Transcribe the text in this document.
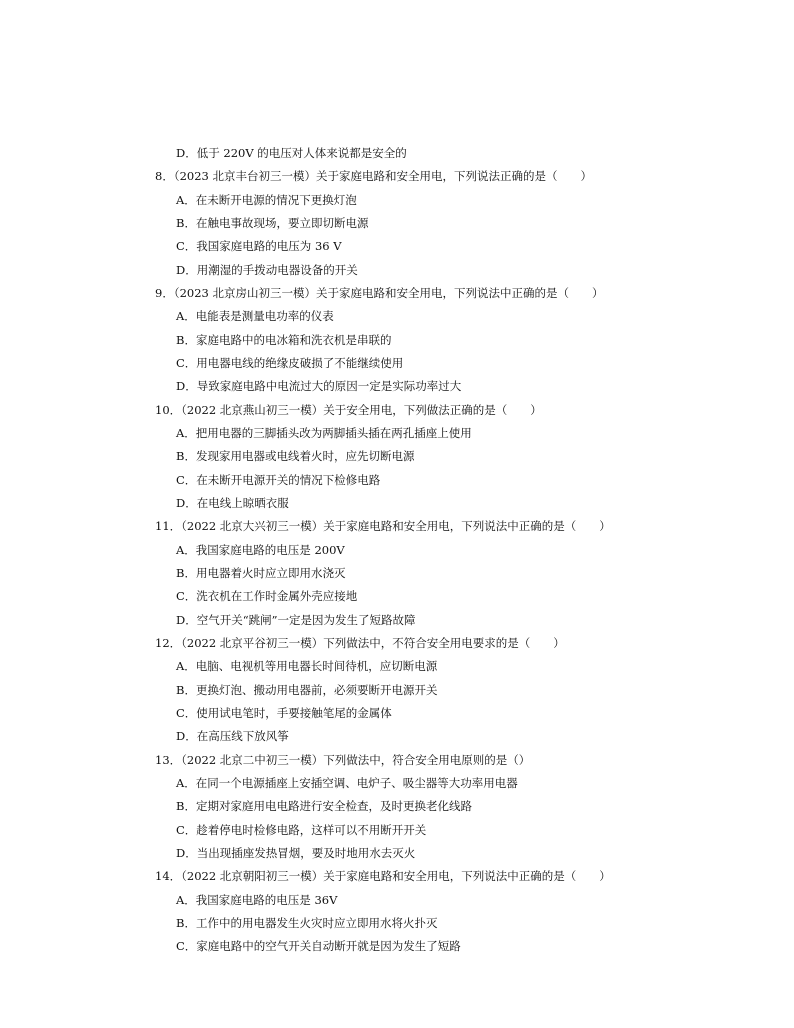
D．低于 220V 的电压对人体来说都是安全的
8．（2023 北京丰台初三一模）关于家庭电路和安全用电，下列说法正确的是（　　）
A．在未断开电源的情况下更换灯泡
B．在触电事故现场，要立即切断电源
C．我国家庭电路的电压为 36 V
D．用潮湿的手拨动电器设备的开关
9．（2023 北京房山初三一模）关于家庭电路和安全用电，下列说法中正确的是（　　）
A．电能表是测量电功率的仪表
B．家庭电路中的电冰箱和洗衣机是串联的
C．用电器电线的绝缘皮破损了不能继续使用
D．导致家庭电路中电流过大的原因一定是实际功率过大
10．（2022 北京燕山初三一模）关于安全用电，下列做法正确的是（　　）
A．把用电器的三脚插头改为两脚插头插在两孔插座上使用
B．发现家用电器或电线着火时，应先切断电源
C．在未断开电源开关的情况下检修电路
D．在电线上晾晒衣服
11．（2022 北京大兴初三一模）关于家庭电路和安全用电，下列说法中正确的是（　　）
A．我国家庭电路的电压是 200V
B．用电器着火时应立即用水浇灭
C．洗衣机在工作时金属外壳应接地
D．空气开关“跳闸”一定是因为发生了短路故障
12．（2022 北京平谷初三一模）下列做法中，不符合安全用电要求的是（　　）
A．电脑、电视机等用电器长时间待机，应切断电源
B．更换灯泡、搬动用电器前，必须要断开电源开关
C．使用试电笔时，手要接触笔尾的金属体
D．在高压线下放风筝
13．（2022 北京二中初三一模）下列做法中，符合安全用电原则的是（）
A．在同一个电源插座上安插空调、电炉子、吸尘器等大功率用电器
B．定期对家庭用电电路进行安全检查，及时更换老化线路
C．趁着停电时检修电路，这样可以不用断开开关
D．当出现插座发热冒烟，要及时地用水去灭火
14．（2022 北京朝阳初三一模）关于家庭电路和安全用电，下列说法中正确的是（　　）
A．我国家庭电路的电压是 36V
B．工作中的用电器发生火灾时应立即用水将火扑灭
C．家庭电路中的空气开关自动断开就是因为发生了短路
